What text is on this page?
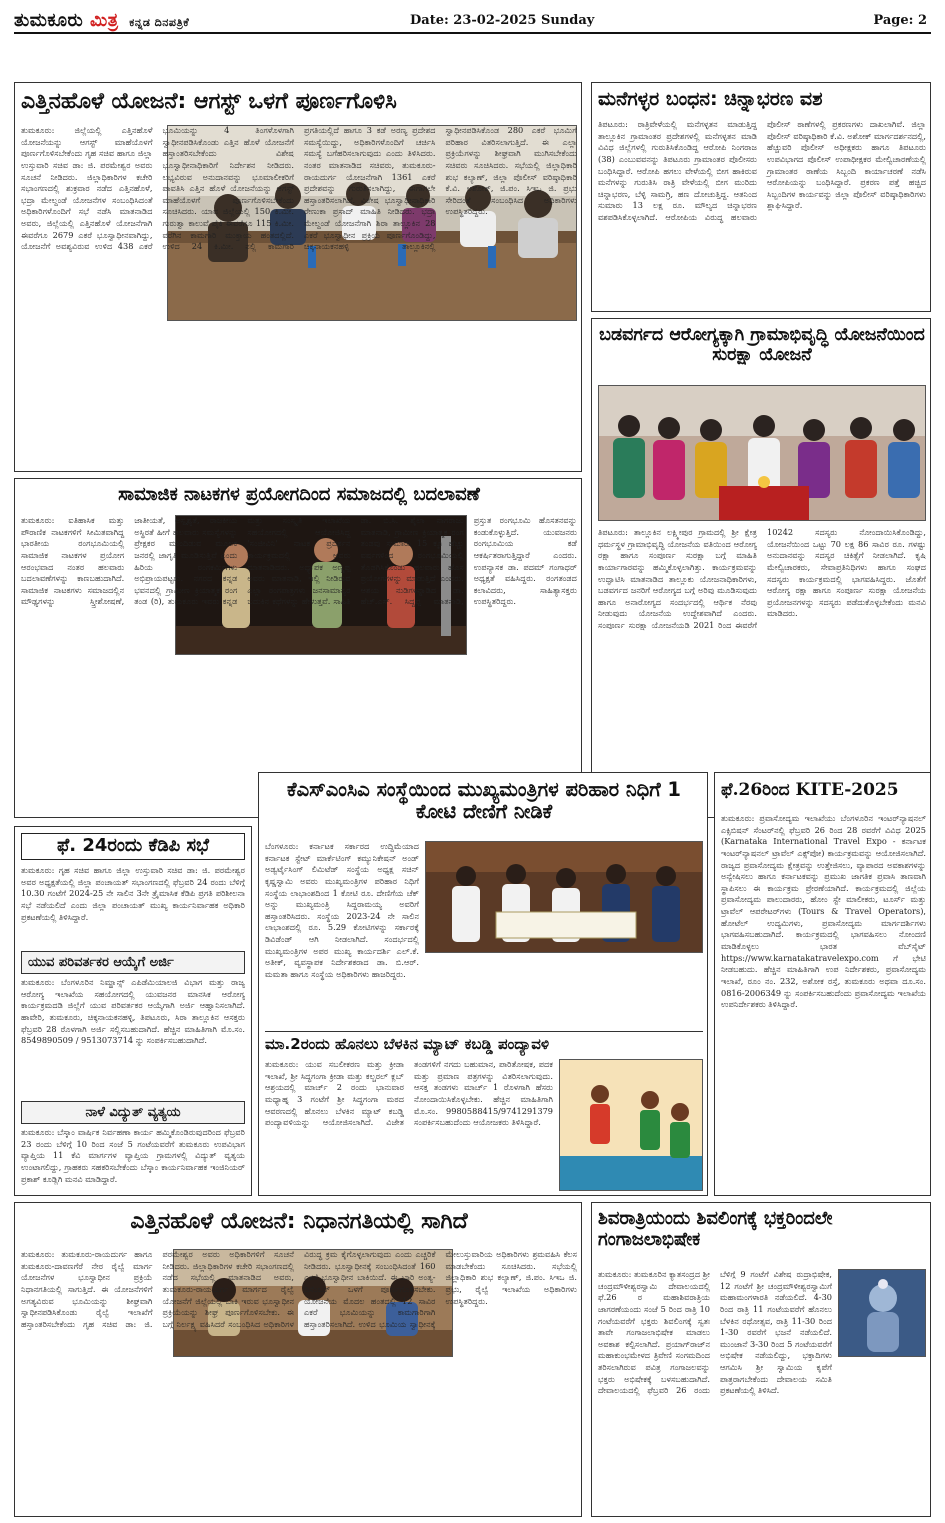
ತುಮಕೂರು ಮಿತ್ರ ಕನ್ನಡ ದಿನಪತ್ರಿಕೆ	Date: 23-02-2025 Sunday	Page: 2
ಎತ್ತಿನಹೊಳೆ ಯೋಜನೆ: ಆಗಸ್ಟ್ ಒಳಗೆ ಪೂರ್ಣಗೊಳಿಸಿ
ತುಮಕೂರು: ಜಿಲ್ಲೆಯಲ್ಲಿ ಎತ್ತಿನಹೊಳೆ ಯೋಜನೆಯನ್ನು ಆಗಸ್ಟ್ ಮಾಹೆಯೊಳಗೆ ಪೂರ್ಣಗೊಳಿಸಬೇಕೆಂದು ಗೃಹ ಸಚಿವ ಹಾಗೂ ಜಿಲ್ಲಾ ಉಸ್ತುವಾರಿ ಸಚಿವ ಡಾ: ಜಿ. ಪರಮೇಶ್ವರ ಅವರು ಸೂಚನೆ ನೀಡಿದರು. ಜಿಲ್ಲಾಧಿಕಾರಿಗಳ ಕಚೇರಿ ಸಭಾಂಗಣದಲ್ಲಿ ಶುಕ್ರವಾರ ನಡೆದ ಎತ್ತಿನಹೊಳೆ, ಭದ್ರಾ ಮೇಲ್ದಂಡೆ ಯೋಜನೆಗಳ ಸಂಬಂಧಿಸಿದಂತೆ ಅಧಿಕಾರಿಗಳೊಂದಿಗೆ ಸಭೆ ನಡೆಸಿ ಮಾತನಾಡಿದ ಅವರು, ಜಿಲ್ಲೆಯಲ್ಲಿ ಎತ್ತಿನಹೊಳೆ ಯೋಜನೆಗಾಗಿ ಈವರೆಗೂ 2679 ಎಕರೆ ಭೂಸ್ವಾಧೀನವಾಗಿದ್ದು, ಯೋಜನೆಗೆ ಅವಶ್ಯವಿರುವ ಉಳಿದ 438 ಎಕರೆ ಭೂಮಿಯನ್ನು 4 ತಿಂಗಳೊಳಗಾಗಿ ಸ್ವಾಧೀನಪಡಿಸಿಕೊಂಡು ಎತ್ತಿನ ಹೊಳೆ ಯೋಜನೆಗೆ ಹಸ್ತಾಂತರಿಸಬೇಕೆಂದು ವಿಶೇಷ ಭೂಸ್ವಾಧೀನಾಧಿಕಾರಿಗೆ ನಿರ್ದೇಶನ ನೀಡಿದರು. ಲಭ್ಯವಿರುವ ಅನುದಾನವನ್ನು ಭೂಮಾಲೀಕರಿಗೆ ಪಾವತಿಸಿ ಎತ್ತಿನ ಹೊಳೆ ಯೋಜನೆಯನ್ನು ಆಗಸ್ಟ್ ಮಾಹೆಯೊಳಗೆ ಪೂರ್ಣಗೊಳಿಸಬೇಕೆಂದು ಸೂಚಿಸಿದರು. ಯಾವ ಜಿಲ್ಲೆಯಲ್ಲಿ 150 ಕಿ.ಮೀ. ಗುರುತ್ವಾ ಕಾಲುವೆ ಪೈಕಿ ಈವರೆಗೂ 115 ಕಿ.ಮೀ. ವರೆಗಿನ ಕಾಮಗಾರಿ ಮುಕ್ತಾಯ ಹಂತದಲ್ಲಿದೆ. ಉಳಿದ 24 ಕಿ.ಮೀ. ನಲ್ಲಿ ಕಾಮಗಾರಿ ಪ್ರಗತಿಯಲ್ಲಿದೆ ಹಾಗೂ 3 ಕಡೆ ಅರಣ್ಯ ಪ್ರದೇಶದ ಸಮಸ್ಯೆಯಿದ್ದು, ಅಧಿಕಾರಿಗಳೊಂದಿಗೆ ಚರ್ಚಿಸಿ ಸಮಸ್ಯೆ ಬಗೆಹರಿಸಲಾಗುವುದು ಎಂದು ತಿಳಿಸಿದರು. ನಂತರ ಮಾತನಾಡಿದ ಸಚಿವರು, ತುಮಕೂರು-ರಾಯದುರ್ಗ ಯೋಜನೆಗಾಗಿ 1361 ಎಕರೆ ಪ್ರದೇಶವನ್ನು ಗುರುತಿಸಲಾಗಿದ್ದು, ಈಗಾಗಲೇ ಹಸ್ತಾಂತರಿಸಲಾಗಿದೆ. ವಿಶೇಷ ಭೂಸ್ವಾಧೀನಾಧಿಕಾರಿ ರೇಣುಕಾ ಪ್ರಸಾದ್ ಮಾಹಿತಿ ನೀಡಿದರು. ಭದ್ರಾ ಮೇಲ್ದಂಡೆ ಯೋಜನೆಗಾಗಿ ಶಿರಾ ತಾಲ್ಲೂಕಿನ 28 ಎಕರೆ ಭೂಸ್ವಾಧೀನ ಪ್ರಕ್ರಿಯೆ ಪೂರ್ಣಗೊಂಡಿದ್ದು, ಚಿಕ್ಕನಾಯಕನಹಳ್ಳಿ ತಾಲ್ಲೂಕಿನಲ್ಲಿ ಸ್ವಾಧೀನಪಡಿಸಿಕೊಂಡ 280 ಎಕರೆ ಭೂಮಿಗೆ ಪರಿಹಾರ ವಿತರಿಸಲಾಗುತ್ತಿದೆ. ಈ ಎಲ್ಲಾ ಪ್ರಕ್ರಿಯೆಗಳನ್ನು ಶೀಘ್ರವಾಗಿ ಮುಗಿಸಬೇಕೆಂದು ಸಚಿವರು ಸೂಚಿಸಿದರು. ಸಭೆಯಲ್ಲಿ ಜಿಲ್ಲಾಧಿಕಾರಿ ಶುಭ ಕಲ್ಯಾಣ್, ಜಿಲ್ಲಾ ಪೊಲೀಸ್ ವರಿಷ್ಠಾಧಿಕಾರಿ ಕೆ.ವಿ. ಅಶೋಕ್, ಜಿ.ಪಂ. ಸಿಇಒ ಜಿ. ಪ್ರಭು ಸೇರಿದಂತೆ ಸಂಬಂಧಿಸಿದ ಅಧಿಕಾರಿಗಳು ಉಪಸ್ಥಿತರಿದ್ದರು.
ಮನೆಗಳ್ಳರ ಬಂಧನ: ಚಿನ್ನಾಭರಣ ವಶ
ತಿಪಟೂರು: ರಾತ್ರಿವೇಳೆಯಲ್ಲಿ ಮನೆಗಳ್ಳತನ ಮಾಡುತ್ತಿದ್ದ ತಾಲ್ಲೂಕಿನ ಗ್ರಾಮಾಂತರ ಪ್ರದೇಶಗಳಲ್ಲಿ ಮನೆಗಳ್ಳತನ ಮಾಡಿ ವಿವಿಧ ಜಿಲ್ಲೆಗಳಲ್ಲಿ ಗುರುತಿಸಿಕೊಂಡಿದ್ದ ಆರೋಪಿ ನಿಂಗರಾಜ (38) ಎಂಬುವವನನ್ನು ತಿಪಟೂರು ಗ್ರಾಮಾಂತರ ಪೊಲೀಸರು ಬಂಧಿಸಿದ್ದಾರೆ. ಆರೋಪಿ ಹಗಲು ವೇಳೆಯಲ್ಲಿ ಬೀಗ ಹಾಕಿರುವ ಮನೆಗಳನ್ನು ಗುರುತಿಸಿ ರಾತ್ರಿ ವೇಳೆಯಲ್ಲಿ ಬೀಗ ಮುರಿದು ಚಿನ್ನಾಭರಣ, ಬೆಳ್ಳಿ ಸಾಮಗ್ರಿ, ಹಣ ದೋಚುತ್ತಿದ್ದ. ಆತನಿಂದ ಸುಮಾರು 13 ಲಕ್ಷ ರೂ. ಮೌಲ್ಯದ ಚಿನ್ನಾಭರಣ ವಶಪಡಿಸಿಕೊಳ್ಳಲಾಗಿದೆ. ಆರೋಪಿಯ ವಿರುದ್ಧ ಹಲವಾರು ಪೊಲೀಸ್ ಠಾಣೆಗಳಲ್ಲಿ ಪ್ರಕರಣಗಳು ದಾಖಲಾಗಿವೆ. ಜಿಲ್ಲಾ ಪೊಲೀಸ್ ವರಿಷ್ಠಾಧಿಕಾರಿ ಕೆ.ವಿ. ಅಶೋಕ್ ಮಾರ್ಗದರ್ಶನದಲ್ಲಿ, ಹೆಚ್ಚುವರಿ ಪೊಲೀಸ್ ಅಧೀಕ್ಷಕರು ಹಾಗೂ ತಿಪಟೂರು ಉಪವಿಭಾಗದ ಪೊಲೀಸ್ ಉಪಾಧೀಕ್ಷಕರ ಮೇಲ್ವಿಚಾರಣೆಯಲ್ಲಿ ಗ್ರಾಮಾಂತರ ಠಾಣೆಯ ಸಿಬ್ಬಂದಿ ಕಾರ್ಯಾಚರಣೆ ನಡೆಸಿ ಆರೋಪಿಯನ್ನು ಬಂಧಿಸಿದ್ದಾರೆ. ಪ್ರಕರಣ ಪತ್ತೆ ಹಚ್ಚಿದ ಸಿಬ್ಬಂದಿಗಳ ಕಾರ್ಯವನ್ನು ಜಿಲ್ಲಾ ಪೊಲೀಸ್ ವರಿಷ್ಠಾಧಿಕಾರಿಗಳು ಶ್ಲಾಘಿಸಿದ್ದಾರೆ.
ಬಡವರ್ಗದ ಆರೋಗ್ಯಕ್ಕಾಗಿ ಗ್ರಾಮಾಭಿವೃದ್ಧಿ ಯೋಜನೆಯಿಂದ ಸುರಕ್ಷಾ ಯೋಜನೆ
ತಿಪಟೂರು: ತಾಲ್ಲೂಕಿನ ಲಕ್ಷ್ಮೀಪುರ ಗ್ರಾಮದಲ್ಲಿ ಶ್ರೀ ಕ್ಷೇತ್ರ ಧರ್ಮಸ್ಥಳ ಗ್ರಾಮಾಭಿವೃದ್ಧಿ ಯೋಜನೆಯ ವತಿಯಿಂದ ಆರೋಗ್ಯ ರಕ್ಷಾ ಹಾಗೂ ಸಂಪೂರ್ಣ ಸುರಕ್ಷಾ ಬಗ್ಗೆ ಮಾಹಿತಿ ಕಾರ್ಯಾಗಾರವನ್ನು ಹಮ್ಮಿಕೊಳ್ಳಲಾಗಿತ್ತು. ಕಾರ್ಯಕ್ರಮವನ್ನು ಉದ್ಘಾಟಿಸಿ ಮಾತನಾಡಿದ ತಾಲ್ಲೂಕು ಯೋಜನಾಧಿಕಾರಿಗಳು, ಬಡವರ್ಗದ ಜನರಿಗೆ ಆರೋಗ್ಯದ ಬಗ್ಗೆ ಅರಿವು ಮೂಡಿಸುವುದು ಹಾಗೂ ಅನಾರೋಗ್ಯದ ಸಂದರ್ಭದಲ್ಲಿ ಆರ್ಥಿಕ ನೆರವು ನೀಡುವುದು ಯೋಜನೆಯ ಉದ್ದೇಶವಾಗಿದೆ ಎಂದರು. ಸಂಪೂರ್ಣ ಸುರಕ್ಷಾ ಯೋಜನೆಯಡಿ 2021 ರಿಂದ ಈವರೆಗೆ 10242 ಸದಸ್ಯರು ನೋಂದಾಯಿಸಿಕೊಂಡಿದ್ದು, ಯೋಜನೆಯಿಂದ ಒಟ್ಟು 70 ಲಕ್ಷ 86 ಸಾವಿರ ರೂ. ಗಳಷ್ಟು ಅನುದಾನವನ್ನು ಸದಸ್ಯರ ಚಿಕಿತ್ಸೆಗೆ ನೀಡಲಾಗಿದೆ. ಕೃಷಿ ಮೇಲ್ವಿಚಾರಕರು, ಸೇವಾಪ್ರತಿನಿಧಿಗಳು ಹಾಗೂ ಸಂಘದ ಸದಸ್ಯರು ಕಾರ್ಯಕ್ರಮದಲ್ಲಿ ಭಾಗವಹಿಸಿದ್ದರು. ಜೊತೆಗೆ ಆರೋಗ್ಯ ರಕ್ಷಾ ಹಾಗೂ ಸಂಪೂರ್ಣ ಸುರಕ್ಷಾ ಯೋಜನೆಯ ಪ್ರಯೋಜನಗಳನ್ನು ಸದಸ್ಯರು ಪಡೆದುಕೊಳ್ಳಬೇಕೆಂದು ಮನವಿ ಮಾಡಿದರು.
ಸಾಮಾಜಿಕ ನಾಟಕಗಳ ಪ್ರಯೋಗದಿಂದ ಸಮಾಜದಲ್ಲಿ ಬದಲಾವಣೆ
ತುಮಕೂರು: ಐತಿಹಾಸಿಕ ಮತ್ತು ಪೌರಾಣಿಕ ನಾಟಕಗಳಿಗೆ ಸೀಮಿತವಾಗಿದ್ದ ಭಾರತೀಯ ರಂಗಭೂಮಿಯಲ್ಲಿ ಸಾಮಾಜಿಕ ನಾಟಕಗಳ ಪ್ರಯೋಗ ಆರಂಭವಾದ ನಂತರ ಹಲವಾರು ಬದಲಾವಣೆಗಳನ್ನು ಕಾಣಬಹುದಾಗಿದೆ. ಸಾಮಾಜಿಕ ನಾಟಕಗಳು ಸಮಾಜದಲ್ಲಿನ ಮೌಢ್ಯಗಳನ್ನು ಸ್ತ್ರೀಶೋಷಣೆ, ಜಾತೀಯತೆ, ಅಸ್ಪೃಶ್ಯತೆ, ರಾಜಕೀಯ ಅಸ್ಥಿರತೆ ಹೀಗೆ ಹಲವಾರು ಸಮಸ್ಯೆಗಳನ್ನು ಪ್ರೇಕ್ಷಕರ ಮುಂದಿಡುವ ಮೂಲಕ ಜನರಲ್ಲಿ ಜಾಗೃತಿ ಮೂಡಿಸುತ್ತಿವೆ ಎಂದು ಹಿರಿಯ ರಂಗಕರ್ಮಿಗಳು ಅಭಿಪ್ರಾಯಪಟ್ಟರು. ನಗರದ ಕನ್ನಡ ಭವನದಲ್ಲಿ ಗ್ರಾಮೀಣ ಕ್ರಿಯಾತ್ಮಕ ರಂಗ ತಂಡ (ರಿ), ತುಮಕೂರು ಇವರು ಕನ್ನಡ ಮತ್ತು ಸಂಸ್ಕೃತಿ ಇಲಾಖೆಯ ಸಹಯೋಗದಲ್ಲಿ ಆಯೋಜಿಸಿದ್ದ 'ಸಂಜೀವಿನಿ' ನಾಟಕ ಪ್ರದರ್ಶನ ಕಾರ್ಯಕ್ರಮದಲ್ಲಿ ಅವರು ಮಾತನಾಡಿದರು. ಅಧ್ಯಾಪಕ ಅಣ್ಣಪ್ಪ ಅವರು ಮಾತನಾಡಿ, ಇಲ್ಲಿ ನೀಡಿರುವ ಎಲ್ಲಾ ರಂಗಪಾತ್ರಗಳು ಜನಸಾಮಾನ್ಯರ ಬದುಕಿನ ಕಥೆಗಳನ್ನು ಹೇಳುತ್ತವೆ. ಸಾಹಿತಿ ಡಾ. ಬಿ.ಸಿ. ಶೈಲಾ ನಾಗರಾಜು ಮಾತನಾಡಿ, ಗ್ರಾಮೀಣ ಕ್ರಿಯಾತ್ಮಕ ರಂಗ ತಂಡವು ಸುಮಾರು 15 ಕ್ಕೂ ಹೆಚ್ಚು ವರ್ಷಗಳಿಂದ ರಂಗಭೂಮಿಯಲ್ಲಿ ತೊಡಗಿಸಿಕೊಂಡು ಹಲವಾರು ಹೊಸ ಪ್ರಯೋಗಗಳನ್ನು ಮಾಡುತ್ತಿದೆ ಎಂದರು. ಆಶಯ ನುಡಿಗಳನ್ನಾಡಿದ ಡಾ. ಹೆಚ್.ಎಸ್. ಸಿದ್ದಪ್ಪ ಮಾತನಾಡಿ, ಪ್ರಸ್ತುತ ರಂಗಭೂಮಿ ಹೊಸತನವನ್ನು ಕಂಡುಕೊಳ್ಳುತ್ತಿದೆ. ಯುವಜನರು ರಂಗಭೂಮಿಯ ಕಡೆ ಆಕರ್ಷಿತರಾಗುತ್ತಿದ್ದಾರೆ ಎಂದರು. ಉಪನ್ಯಾಸಕ ಡಾ. ಪದಮ್ ಗಂಗಾಧರ್ ಅಧ್ಯಕ್ಷತೆ ವಹಿಸಿದ್ದರು. ರಂಗತಂಡದ ಕಲಾವಿದರು, ಸಾಹಿತ್ಯಾಸಕ್ತರು ಉಪಸ್ಥಿತರಿದ್ದರು.
ಫೆ. 24ರಂದು ಕೆಡಿಪಿ ಸಭೆ
ತುಮಕೂರು: ಗೃಹ ಸಚಿವ ಹಾಗೂ ಜಿಲ್ಲಾ ಉಸ್ತುವಾರಿ ಸಚಿವ ಡಾ: ಜಿ. ಪರಮೇಶ್ವರ ಅವರ ಅಧ್ಯಕ್ಷತೆಯಲ್ಲಿ ಜಿಲ್ಲಾ ಪಂಚಾಯತ್ ಸಭಾಂಗಣದಲ್ಲಿ ಫೆಬ್ರವರಿ 24 ರಂದು ಬೆಳಿಗ್ಗೆ 10.30 ಗಂಟೆಗೆ 2024-25 ನೇ ಸಾಲಿನ 3ನೇ ತ್ರೈಮಾಸಿಕ ಕೆಡಿಪಿ ಪ್ರಗತಿ ಪರಿಶೀಲನಾ ಸಭೆ ನಡೆಯಲಿದೆ ಎಂದು ಜಿಲ್ಲಾ ಪಂಚಾಯತ್ ಮುಖ್ಯ ಕಾರ್ಯನಿರ್ವಾಹಕ ಅಧಿಕಾರಿ ಪ್ರಕಟಣೆಯಲ್ಲಿ ತಿಳಿಸಿದ್ದಾರೆ.
ಯುವ ಪರಿವರ್ತಕರ ಆಯ್ಕೆಗೆ ಅರ್ಜಿ
ತುಮಕೂರು: ಬೆಂಗಳೂರಿನ ನಿಮ್ಹಾನ್ಸ್ ಎಪಿಡೆಮಿಯಾಲಜಿ ವಿಭಾಗ ಮತ್ತು ರಾಜ್ಯ ಆರೋಗ್ಯ ಇಲಾಖೆಯ ಸಹಯೋಗದಲ್ಲಿ ಯುವಜನರ ಮಾನಸಿಕ ಆರೋಗ್ಯ ಕಾರ್ಯಕ್ರಮದಡಿ ಜಿಲ್ಲೆಗೆ ಯುವ ಪರಿವರ್ತಕರ ಆಯ್ಕೆಗಾಗಿ ಅರ್ಜಿ ಆಹ್ವಾನಿಸಲಾಗಿದೆ. ಹಾವೇರಿ, ತುಮಕೂರು, ಚಿಕ್ಕನಾಯಕನಹಳ್ಳಿ, ತಿಪಟೂರು, ಸಿರಾ ತಾಲ್ಲೂಕಿನ ಆಸಕ್ತರು ಫೆಬ್ರವರಿ 28 ರೊಳಗಾಗಿ ಅರ್ಜಿ ಸಲ್ಲಿಸಬಹುದಾಗಿದೆ. ಹೆಚ್ಚಿನ ಮಾಹಿತಿಗಾಗಿ ಮೊ.ಸಂ. 8549890509 / 9513073714 ನ್ನು ಸಂಪರ್ಕಿಸಬಹುದಾಗಿದೆ.
ನಾಳೆ ವಿದ್ಯುತ್ ವ್ಯತ್ಯಯ
ತುಮಕೂರು: ಬೆಸ್ಕಾಂ ವಾರ್ಷಿಕ ನಿರ್ವಹಣಾ ಕಾರ್ಯ ಹಮ್ಮಿಕೊಂಡಿರುವುದರಿಂದ ಫೆಬ್ರವರಿ 23 ರಂದು ಬೆಳಿಗ್ಗೆ 10 ರಿಂದ ಸಂಜೆ 5 ಗಂಟೆಯವರೆಗೆ ತುಮಕೂರು ಉಪವಿಭಾಗ ವ್ಯಾಪ್ತಿಯ 11 ಕೆವಿ ಮಾರ್ಗಗಳ ವ್ಯಾಪ್ತಿಯ ಗ್ರಾಮಗಳಲ್ಲಿ ವಿದ್ಯುತ್ ವ್ಯತ್ಯಯ ಉಂಟಾಗಲಿದ್ದು, ಗ್ರಾಹಕರು ಸಹಕರಿಸಬೇಕೆಂದು ಬೆಸ್ಕಾಂ ಕಾರ್ಯನಿರ್ವಾಹಕ ಇಂಜಿನಿಯರ್ ಪ್ರಕಾಶ್ ಕೂಡ್ಲಿಗಿ ಮನವಿ ಮಾಡಿದ್ದಾರೆ.
ಕೆಎಸ್‌ಎಂಸಿಎ ಸಂಸ್ಥೆಯಿಂದ ಮುಖ್ಯಮಂತ್ರಿಗಳ ಪರಿಹಾರ ನಿಧಿಗೆ 1 ಕೋಟಿ ದೇಣಿಗೆ ನೀಡಿಕೆ
ಬೆಂಗಳೂರು: ಕರ್ನಾಟಕ ಸರ್ಕಾರದ ಉದ್ದಿಮೆಯಾದ ಕರ್ನಾಟಕ ಸ್ಟೇಟ್ ಮಾರ್ಕೆಟಿಂಗ್ ಕಮ್ಯುನಿಕೇಷನ್ ಅಂಡ್ ಅಡ್ವರ್ಟೈಸಿಂಗ್ ಲಿಮಿಟೆಡ್ ಸಂಸ್ಥೆಯ ಅಧ್ಯಕ್ಷ ಸಚಿನ್ ಕೃಷ್ಣಸ್ವಾಮಿ ಅವರು ಮುಖ್ಯಮಂತ್ರಿಗಳ ಪರಿಹಾರ ನಿಧಿಗೆ ಸಂಸ್ಥೆಯ ಲಾಭಾಂಶದಿಂದ 1 ಕೋಟಿ ರೂ. ದೇಣಿಗೆಯ ಚೆಕ್ ಅನ್ನು ಮುಖ್ಯಮಂತ್ರಿ ಸಿದ್ದರಾಮಯ್ಯ ಅವರಿಗೆ ಹಸ್ತಾಂತರಿಸಿದರು. ಸಂಸ್ಥೆಯ 2023-24 ನೇ ಸಾಲಿನ ಲಾಭಾಂಶದಲ್ಲಿ ರೂ. 5.29 ಕೋಟಿಗಳನ್ನು ಸರ್ಕಾರಕ್ಕೆ ಡಿವಿಡೆಂಡ್ ಆಗಿ ನೀಡಲಾಗಿದೆ. ಸಂದರ್ಭದಲ್ಲಿ ಮುಖ್ಯಮಂತ್ರಿಗಳ ಅಪರ ಮುಖ್ಯ ಕಾರ್ಯದರ್ಶಿ ಎಲ್.ಕೆ. ಅತೀಕ್, ವ್ಯವಸ್ಥಾಪಕ ನಿರ್ದೇಶಕರಾದ ಡಾ. ಬಿ.ಆರ್. ಮಮತಾ ಹಾಗೂ ಸಂಸ್ಥೆಯ ಅಧಿಕಾರಿಗಳು ಹಾಜರಿದ್ದರು.
ಮಾ.2ರಂದು ಹೊನಲು ಬೆಳಕಿನ ಮ್ಯಾಟ್ ಕಬಡ್ಡಿ ಪಂದ್ಯಾವಳಿ
ತುಮಕೂರು: ಯುವ ಸಬಲೀಕರಣ ಮತ್ತು ಕ್ರೀಡಾ ಇಲಾಖೆ, ಶ್ರೀ ಸಿದ್ಧಗಂಗಾ ಕ್ರೀಡಾ ಮತ್ತು ಕಲ್ಚರಲ್ ಕ್ಲಬ್ ಆಶ್ರಯದಲ್ಲಿ ಮಾರ್ಚ್ 2 ರಂದು ಭಾನುವಾರ ಮಧ್ಯಾಹ್ನ 3 ಗಂಟೆಗೆ ಶ್ರೀ ಸಿದ್ಧಗಂಗಾ ಮಠದ ಆವರಣದಲ್ಲಿ ಹೊನಲು ಬೆಳಕಿನ ಮ್ಯಾಟ್ ಕಬಡ್ಡಿ ಪಂದ್ಯಾವಳಿಯನ್ನು ಆಯೋಜಿಸಲಾಗಿದೆ. ವಿಜೇತ ತಂಡಗಳಿಗೆ ನಗದು ಬಹುಮಾನ, ಪಾರಿತೋಷಕ, ಪದಕ ಮತ್ತು ಪ್ರಮಾಣ ಪತ್ರಗಳನ್ನು ವಿತರಿಸಲಾಗುವುದು. ಆಸಕ್ತ ತಂಡಗಳು ಮಾರ್ಚ್ 1 ರೊಳಗಾಗಿ ಹೆಸರು ನೋಂದಾಯಿಸಿಕೊಳ್ಳಬೇಕು. ಹೆಚ್ಚಿನ ಮಾಹಿತಿಗಾಗಿ ಮೊ.ಸಂ. 9980588415/9741291379 ಸಂಪರ್ಕಿಸಬಹುದೆಂದು ಆಯೋಜಕರು ತಿಳಿಸಿದ್ದಾರೆ.
ಫೆ.26ರಿಂದ KITE-2025
ತುಮಕೂರು: ಪ್ರವಾಸೋದ್ಯಮ ಇಲಾಖೆಯು ಬೆಂಗಳೂರಿನ ಇಂಟರ್‌ನ್ಯಾಷನಲ್ ಎಕ್ಸಿಬಿಷನ್ ಸೆಂಟರ್‌ನಲ್ಲಿ ಫೆಬ್ರವರಿ 26 ರಿಂದ 28 ರವರೆಗೆ ವಿವಿಧ 2025 (Karnataka International Travel Expo - ಕರ್ನಾಟಕ ಇಂಟರ್‌ನ್ಯಾಷನಲ್ ಟ್ರಾವೆಲ್ ಎಕ್ಸ್‌ಪೋ) ಕಾರ್ಯಕ್ರಮವನ್ನು ಆಯೋಜಿಸಲಾಗಿದೆ. ರಾಜ್ಯದ ಪ್ರವಾಸೋದ್ಯಮ ಕ್ಷೇತ್ರವನ್ನು ಉತ್ತೇಜಿಸಲು, ವ್ಯಾಪಾರದ ಅವಕಾಶಗಳನ್ನು ಅನ್ವೇಷಿಸಲು ಹಾಗೂ ಕರ್ನಾಟಕವನ್ನು ಪ್ರಮುಖ ಜಾಗತಿಕ ಪ್ರವಾಸಿ ತಾಣವಾಗಿ ಸ್ಥಾಪಿಸಲು ಈ ಕಾರ್ಯಕ್ರಮ ಪ್ರೇರಣೆಯಾಗಿದೆ. ಕಾರ್ಯಕ್ರಮದಲ್ಲಿ ಜಿಲ್ಲೆಯ ಪ್ರವಾಸೋದ್ಯಮ ಪಾಲುದಾರರು, ಹೋಂ ಸ್ಟೇ ಮಾಲೀಕರು, ಟೂರ್ಸ್ ಮತ್ತು ಟ್ರಾವೆಲ್ ಆಪರೇಟರ್‌ಗಳು (Tours & Travel Operators), ಹೋಟೆಲ್ ಉದ್ಯಮಿಗಳು, ಪ್ರವಾಸೋದ್ಯಮ ಮಾರ್ಗದರ್ಶಿಗಳು ಭಾಗವಹಿಸಬಹುದಾಗಿದೆ. ಕಾರ್ಯಕ್ರಮದಲ್ಲಿ ಭಾಗವಹಿಸಲು ನೋಂದಣಿ ಮಾಡಿಕೊಳ್ಳಲು ಭಾರತ ವೆಬ್‌ಸೈಟ್ https://www.karnatakatravelexpo.com ಗೆ ಭೇಟಿ ನೀಡಬಹುದು. ಹೆಚ್ಚಿನ ಮಾಹಿತಿಗಾಗಿ ಉಪ ನಿರ್ದೇಶಕರು, ಪ್ರವಾಸೋದ್ಯಮ ಇಲಾಖೆ, ರೂಂ ನಂ. 232, ಅಶೋಕ ರಸ್ತೆ, ತುಮಕೂರು ಅಥವಾ ದೂ.ಸಂ. 0816-2006349 ನ್ನು ಸಂಪರ್ಕಿಸಬಹುದೆಂದು ಪ್ರವಾಸೋದ್ಯಮ ಇಲಾಖೆಯ ಉಪನಿರ್ದೇಶಕರು ತಿಳಿಸಿದ್ದಾರೆ.
ಎತ್ತಿನಹೊಳೆ ಯೋಜನೆ: ನಿಧಾನಗತಿಯಲ್ಲಿ ಸಾಗಿದೆ
ತುಮಕೂರು: ತುಮಕೂರು-ರಾಯದುರ್ಗ ಹಾಗೂ ತುಮಕೂರು-ದಾವಣಗೆರೆ ನೇರ ರೈಲ್ವೆ ಮಾರ್ಗ ಯೋಜನೆಗಳ ಭೂಸ್ವಾಧೀನ ಪ್ರಕ್ರಿಯೆ ನಿಧಾನಗತಿಯಲ್ಲಿ ಸಾಗುತ್ತಿದೆ. ಈ ಯೋಜನೆಗಳಿಗೆ ಅಗತ್ಯವಿರುವ ಭೂಮಿಯನ್ನು ಶೀಘ್ರವಾಗಿ ಸ್ವಾಧೀನಪಡಿಸಿಕೊಂಡು ರೈಲ್ವೆ ಇಲಾಖೆಗೆ ಹಸ್ತಾಂತರಿಸಬೇಕೆಂದು ಗೃಹ ಸಚಿವ ಡಾ: ಜಿ. ಪರಮೇಶ್ವರ ಅವರು ಅಧಿಕಾರಿಗಳಿಗೆ ಸೂಚನೆ ನೀಡಿದರು. ಜಿಲ್ಲಾಧಿಕಾರಿಗಳ ಕಚೇರಿ ಸಭಾಂಗಣದಲ್ಲಿ ನಡೆದ ಸಭೆಯಲ್ಲಿ ಮಾತನಾಡಿದ ಅವರು, ತುಮಕೂರು-ರಾಯದುರ್ಗ ಮಾರ್ಗದ ರೈಲ್ವೆ ಯೋಜನೆಗೆ ಜಿಲ್ಲೆಯಲ್ಲಿ ಬಾಕಿ ಇರುವ ಭೂಸ್ವಾಧೀನ ಪ್ರಕ್ರಿಯೆಯನ್ನು ಶೀಘ್ರ ಪೂರ್ಣಗೊಳಿಸಬೇಕು. ಈ ಬಗ್ಗೆ ನಿರ್ಲಕ್ಷ್ಯ ವಹಿಸಿದರೆ ಸಂಬಂಧಿಸಿದ ಅಧಿಕಾರಿಗಳ ವಿರುದ್ಧ ಕ್ರಮ ಕೈಗೊಳ್ಳಲಾಗುವುದು ಎಂದು ಎಚ್ಚರಿಕೆ ನೀಡಿದರು. ಭೂಸ್ವಾಧೀನಕ್ಕೆ ಸಂಬಂಧಿಸಿದಂತೆ 160 ಎಕರೆ ಭೂಸ್ವಾಧೀನ ಬಾಕಿಯಿದೆ. ಈ ಬಾರಿ ಅಂತ್ಯ-ದಿಸೆಂಬರ್ ಒಳಗೆ ಪೂರ್ಣಗೊಳಿಸಬೇಕು. ಯೋಜನೆಯ ಮೊದಲ ಹಂತದಲ್ಲಿ 12 ಸಾವಿರ ಎಕರೆ ಭೂಮಿಯನ್ನು ಕಾಮಗಾರಿಗಾಗಿ ಹಸ್ತಾಂತರಿಸಲಾಗಿದೆ. ಉಳಿದ ಭೂಮಿಯ ಸ್ವಾಧೀನಕ್ಕೆ ಮೇಲುಸ್ತುವಾರಿಯ ಅಧಿಕಾರಿಗಳು ಶ್ರಮವಹಿಸಿ ಕೆಲಸ ಮಾಡಬೇಕೆಂದು ಸೂಚಿಸಿದರು. ಸಭೆಯಲ್ಲಿ ಜಿಲ್ಲಾಧಿಕಾರಿ ಶುಭ ಕಲ್ಯಾಣ್, ಜಿ.ಪಂ. ಸಿಇಒ ಜಿ. ಪ್ರಭು, ರೈಲ್ವೆ ಇಲಾಖೆಯ ಅಧಿಕಾರಿಗಳು ಉಪಸ್ಥಿತರಿದ್ದರು.
ಶಿವರಾತ್ರಿಯಂದು ಶಿವಲಿಂಗಕ್ಕೆ ಭಕ್ತರಿಂದಲೇ ಗಂಗಾಜಲಾಭಿಷೇಕ
ತುಮಕೂರು: ತುಮಕೂರಿನ ಕ್ಯಾತಸಂದ್ರದ ಶ್ರೀ ಚಂದ್ರಮೌಳೀಶ್ವರಸ್ವಾಮಿ ದೇವಾಲಯದಲ್ಲಿ ಫೆ.26 ರ ಮಹಾಶಿವರಾತ್ರಿಯ ಜಾಗರಣೆಯಂದು ಸಂಜೆ 5 ರಿಂದ ರಾತ್ರಿ 10 ಗಂಟೆಯವರೆಗೆ ಭಕ್ತರು ಶಿವಲಿಂಗಕ್ಕೆ ಸ್ವತಃ ತಾವೇ ಗಂಗಾಜಲಾಭಿಷೇಕ ಮಾಡಲು ಅವಕಾಶ ಕಲ್ಪಿಸಲಾಗಿದೆ. ಪ್ರಯಾಗ್‌ರಾಜ್‌ನ ಮಹಾಕುಂಭಮೇಳದ ತ್ರಿವೇಣಿ ಸಂಗಮದಿಂದ ತರಿಸಲಾಗಿರುವ ಪವಿತ್ರ ಗಂಗಾಜಲವನ್ನು ಭಕ್ತರು ಅಭಿಷೇಕಕ್ಕೆ ಬಳಸಬಹುದಾಗಿದೆ. ದೇವಾಲಯದಲ್ಲಿ ಫೆಬ್ರವರಿ 26 ರಂದು ಬೆಳಿಗ್ಗೆ 9 ಗಂಟೆಗೆ ವಿಶೇಷ ರುದ್ರಾಭಿಷೇಕ, 12 ಗಂಟೆಗೆ ಶ್ರೀ ಚಂದ್ರಮೌಳೀಶ್ವರಸ್ವಾಮಿಗೆ ಮಹಾಮಂಗಳಾರತಿ ನಡೆಯಲಿದೆ. 4-30 ರಿಂದ ರಾತ್ರಿ 11 ಗಂಟೆಯವರೆಗೆ ಹೊನಲು ಬೆಳಕಿನ ರಥೋತ್ಸವ, ರಾತ್ರಿ 11-30 ರಿಂದ 1-30 ರವರೆಗೆ ಭಜನೆ ನಡೆಯಲಿದೆ. ಮುಂಜಾನೆ 3-30 ರಿಂದ 5 ಗಂಟೆಯವರೆಗೆ ಅಭಿಷೇಕ ನಡೆಯಲಿದ್ದು, ಭಕ್ತಾದಿಗಳು ಆಗಮಿಸಿ ಶ್ರೀ ಸ್ವಾಮಿಯ ಕೃಪೆಗೆ ಪಾತ್ರರಾಗಬೇಕೆಂದು ದೇವಾಲಯ ಸಮಿತಿ ಪ್ರಕಟಣೆಯಲ್ಲಿ ತಿಳಿಸಿದೆ.
